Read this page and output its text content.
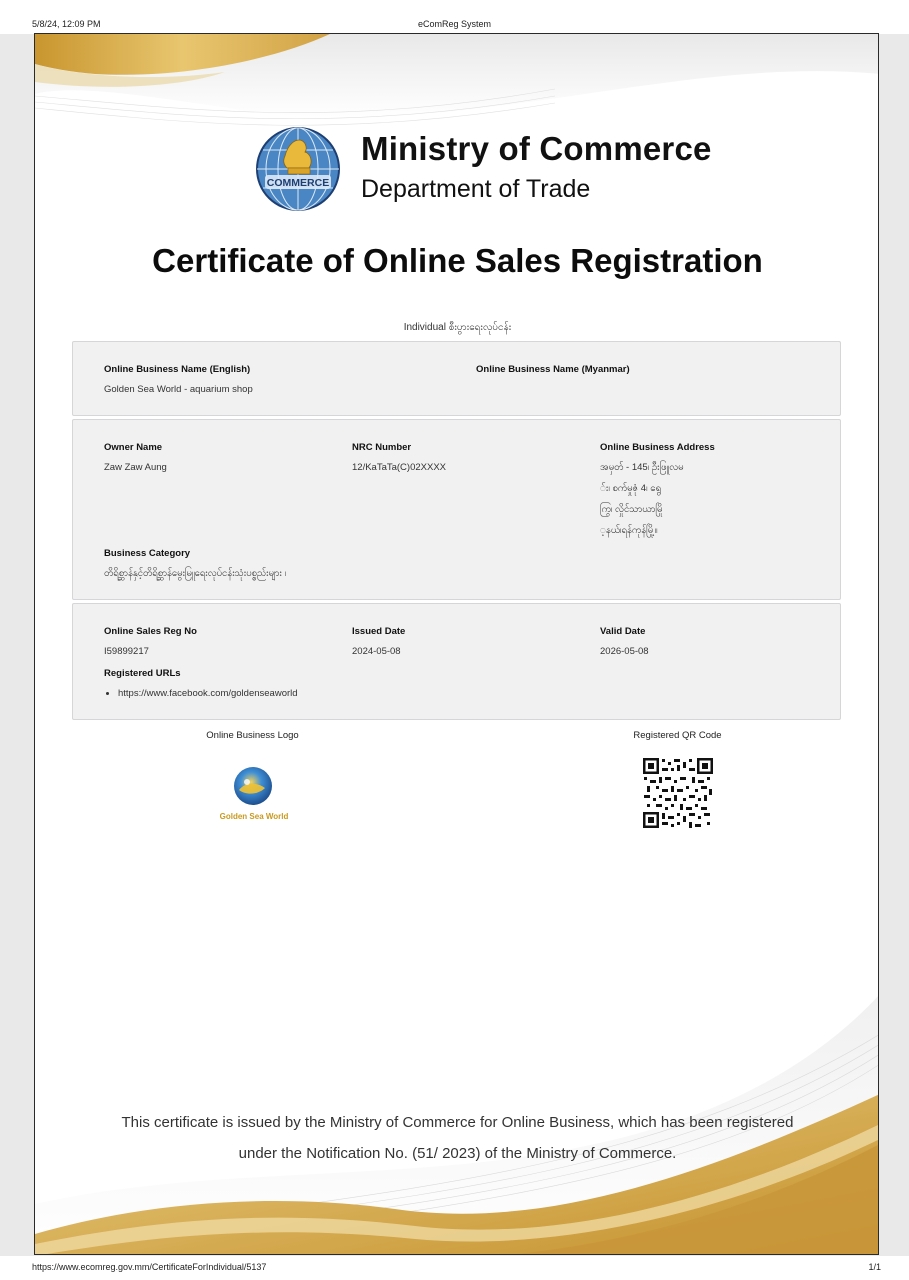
5/8/24, 12:09 PM	eComReg System
COMMERCE
Ministry of Commerce
Department of Trade
Certificate of Online Sales Registration
Individual စီးပွားရေးလုပ်ငန်း
Online Business Name (English)
Golden Sea World - aquarium shop
Online Business Name (Myanmar)
Owner Name
Zaw Zaw Aung
NRC Number
12/KaTaTa(C)02XXXX
Online Business Address
အမှတ် - 145၊ ဦးဖြူလမ
်း၊ စက်မှုဇုံ 4၊ ရွေ
ကြွ၊ လှိုင်သာယာမြို
့နယ်၊ရန်ကုန်မြို့။
Business Category
တိရိစ္ဆာန်နှင့်တိရိစ္ဆာန်မွေးမြူရေးလုပ်ငန်းသုံးပစ္စည်းများ ၊
Online Sales Reg No
I59899217
Issued Date
2024-05-08
Valid Date
2026-05-08
Registered URLs
• https://www.facebook.com/goldenseaworld
Online Business Logo
Golden Sea World
Registered QR Code
This certificate is issued by the Ministry of Commerce for Online Business, which has been registered
under the Notification No. (51/ 2023) of the Ministry of Commerce.
https://www.ecomreg.gov.mm/CertificateForIndividual/5137	1/1
